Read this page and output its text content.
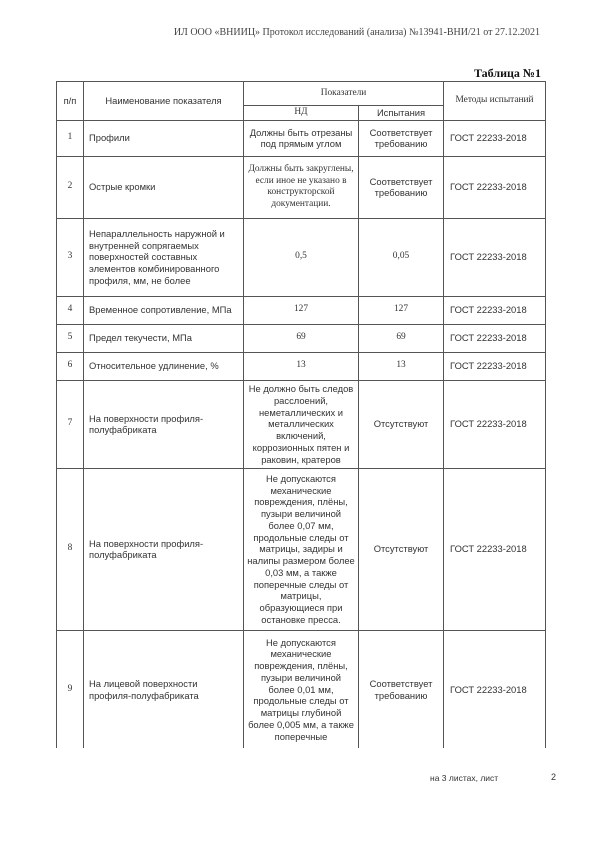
ИЛ ООО «ВНИИЦ» Протокол исследований (анализа) №13941-ВНИ/21 от 27.12.2021
Таблица №1
п/п	Наименование показателя	Показатели		Методы испытаний
		НД	Испытания	
1	Профили	Должны быть отрезаны под прямым углом	Соответствует требованию	ГОСТ 22233-2018
2	Острые кромки	Должны быть закруглены, если иное не указано в конструкторской документации.	Соответствует требованию	ГОСТ 22233-2018
3	Непараллельность наружной и внутренней сопрягаемых поверхностей составных элементов комбинированного профиля, мм, не более	0,5	0,05	ГОСТ 22233-2018
4	Временное сопротивление, МПа	127	127	ГОСТ 22233-2018
5	Предел текучести, МПа	69	69	ГОСТ 22233-2018
6	Относительное удлинение, %	13	13	ГОСТ 22233-2018
7	На поверхности профиля-полуфабриката	Не должно быть следов расслоений, неметаллических и металлических включений, коррозионных пятен и раковин, кратеров	Отсутствуют	ГОСТ 22233-2018
8	На поверхности профиля-полуфабриката	Не допускаются механические повреждения, плёны, пузыри величиной более 0,07 мм, продольные следы от матрицы, задиры и налипы размером более 0,03 мм, а также поперечные следы от матрицы, образующиеся при остановке пресса.	Отсутствуют	ГОСТ 22233-2018
9	На лицевой поверхности профиля-полуфабриката	Не допускаются механические повреждения, плёны, пузыри величиной более 0,01 мм, продольные следы от матрицы глубиной более 0,005 мм, а также поперечные	Соответствует требованию	ГОСТ 22233-2018
на 3 листах, лист	2
